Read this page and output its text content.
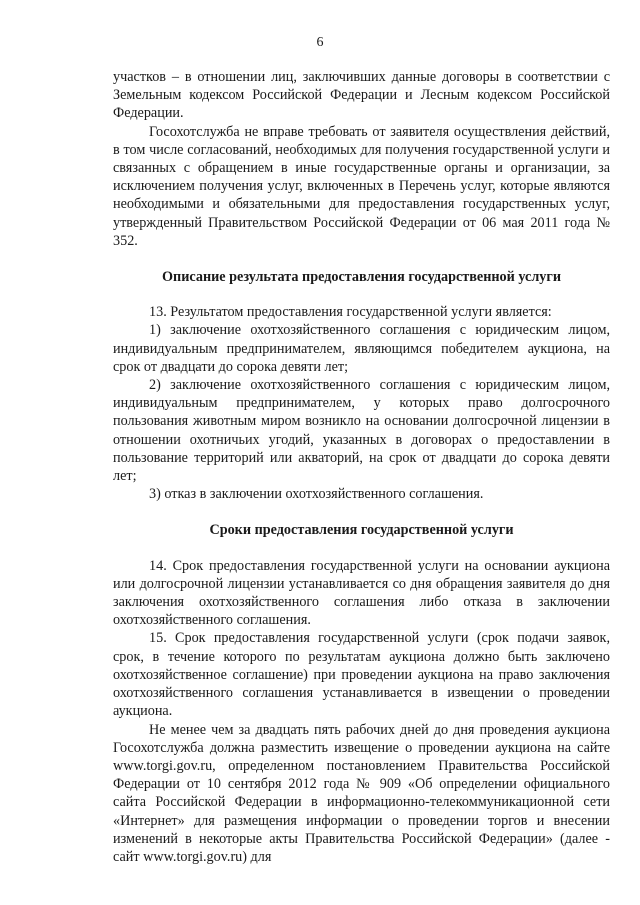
6

участков – в отношении лиц, заключивших данные договоры в соответствии с Земельным кодексом Российской Федерации и Лесным кодексом Российской Федерации.

Госохотслужба не вправе требовать от заявителя осуществления действий, в том числе согласований, необходимых для получения государственной услуги и связанных с обращением в иные государственные органы и организации, за исключением получения услуг, включенных в Перечень услуг, которые являются необходимыми и обязательными для предоставления государственных услуг, утвержденный Правительством Российской Федерации от 06 мая 2011 года № 352.

Описание результата предоставления государственной услуги

13. Результатом предоставления государственной услуги является:

1) заключение охотхозяйственного соглашения с юридическим лицом, индивидуальным предпринимателем, являющимся победителем аукциона, на срок от двадцати до сорока девяти лет;

2) заключение охотхозяйственного соглашения с юридическим лицом, индивидуальным предпринимателем, у которых право долгосрочного пользования животным миром возникло на основании долгосрочной лицензии в отношении охотничьих угодий, указанных в договорах о предоставлении в пользование территорий или акваторий, на срок от двадцати до сорока девяти лет;

3) отказ в заключении охотхозяйственного соглашения.

Сроки предоставления государственной услуги

14. Срок предоставления государственной услуги на основании аукциона или долгосрочной лицензии устанавливается со дня обращения заявителя до дня заключения охотхозяйственного соглашения либо отказа в заключении охотхозяйственного соглашения.

15. Срок предоставления государственной услуги (срок подачи заявок, срок, в течение которого по результатам аукциона должно быть заключено охотхозяйственное соглашение) при проведении аукциона на право заключения охотхозяйственного соглашения устанавливается в извещении о проведении аукциона.

Не менее чем за двадцать пять рабочих дней до дня проведения аукциона Госохотслужба должна разместить извещение о проведении аукциона на сайте www.torgi.gov.ru, определенном постановлением Правительства Российской Федерации от 10 сентября 2012 года № 909 «Об определении официального сайта Российской Федерации в информационно-телекоммуникационной сети «Интернет» для размещения информации о проведении торгов и внесении изменений в некоторые акты Правительства Российской Федерации» (далее - сайт www.torgi.gov.ru) для
